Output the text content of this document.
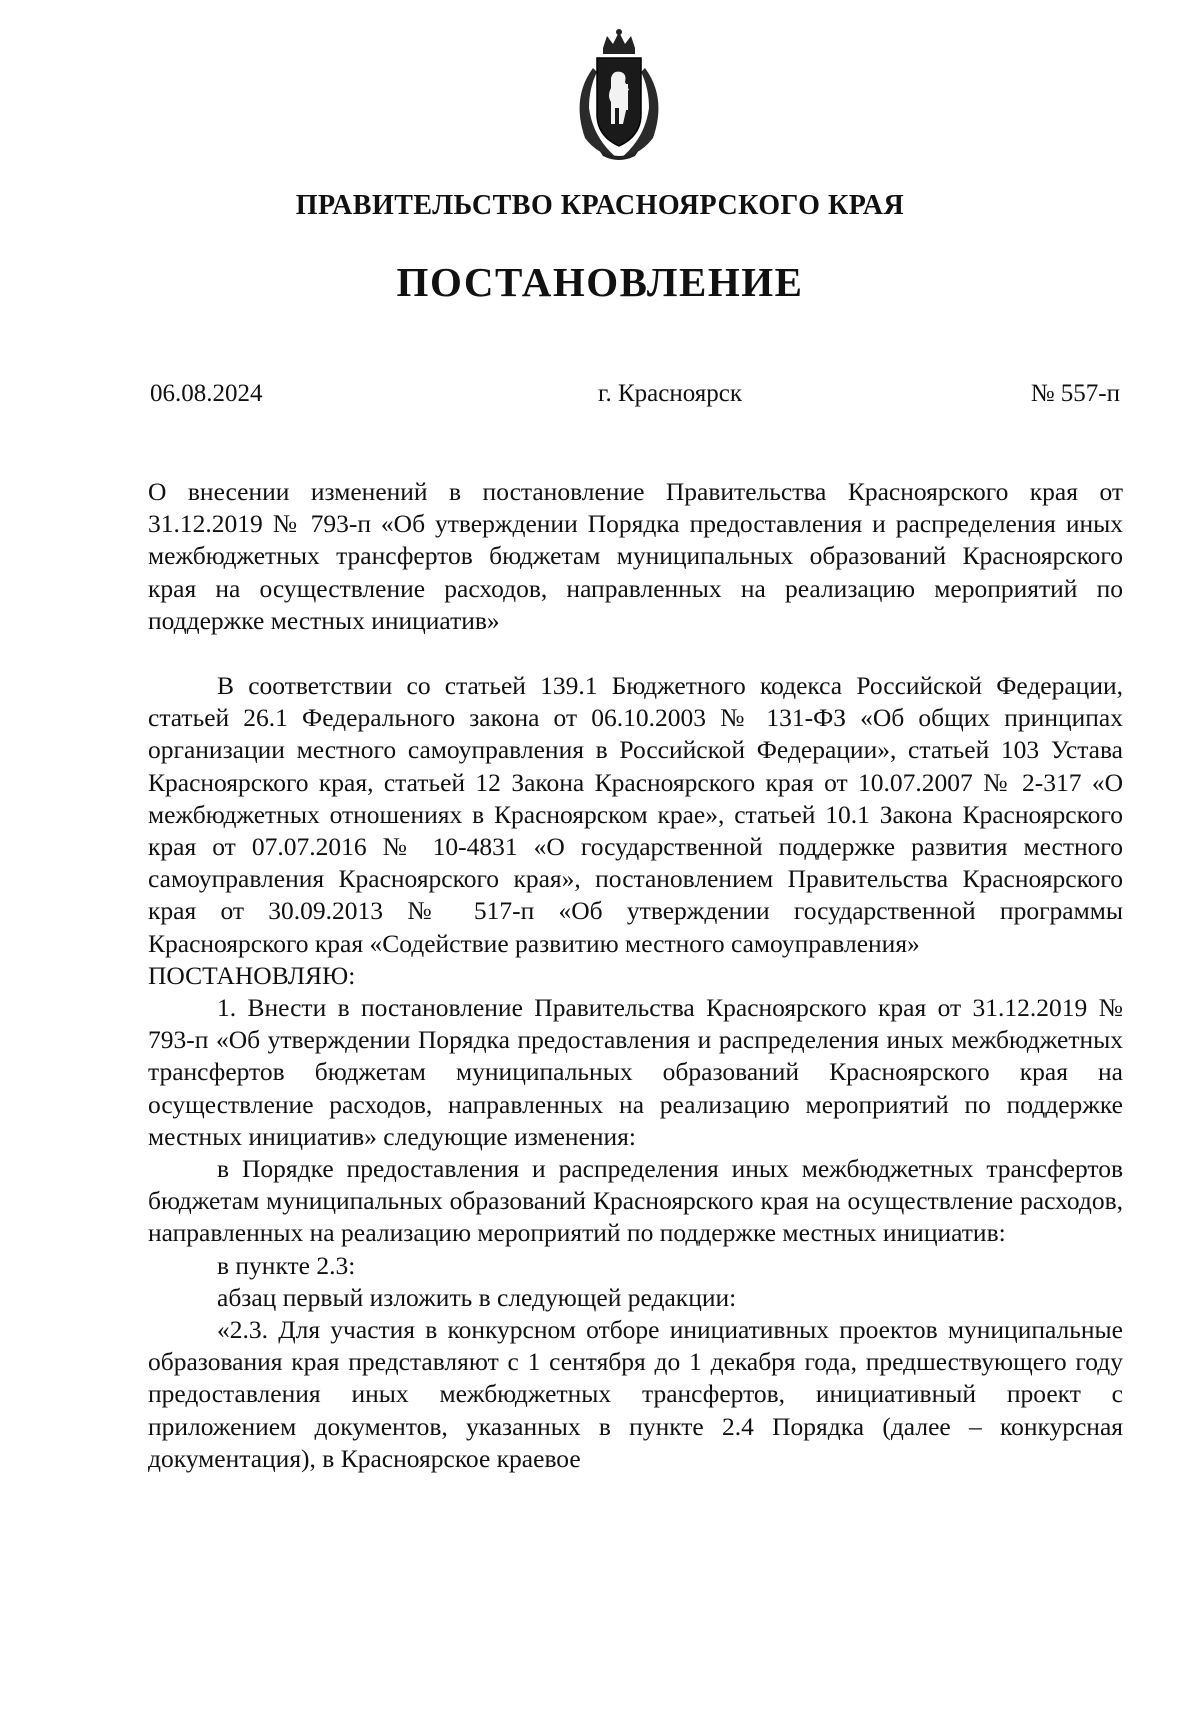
ПРАВИТЕЛЬСТВО КРАСНОЯРСКОГО КРАЯ
ПОСТАНОВЛЕНИЕ
06.08.2024	г. Красноярск	№ 557-п
О внесении изменений в постановление Правительства Красноярского края от 31.12.2019 № 793-п «Об утверждении Порядка предоставления и распределения иных межбюджетных трансфертов бюджетам муниципальных образований Красноярского края на осуществление расходов, направленных на реализацию мероприятий по поддержке местных инициатив»

В соответствии со статьей 139.1 Бюджетного кодекса Российской Федерации, статьей 26.1 Федерального закона от 06.10.2003 № 131-ФЗ «Об общих принципах организации местного самоуправления в Российской Федерации», статьей 103 Устава Красноярского края, статьей 12 Закона Красноярского края от 10.07.2007 № 2-317 «О межбюджетных отношениях в Красноярском крае», статьей 10.1 Закона Красноярского края от 07.07.2016 № 10-4831 «О государственной поддержке развития местного самоуправления Красноярского края», постановлением Правительства Красноярского края от 30.09.2013 № 517-п «Об утверждении государственной программы Красноярского края «Содействие развитию местного самоуправления»

ПОСТАНОВЛЯЮ:

1. Внести в постановление Правительства Красноярского края от 31.12.2019 № 793-п «Об утверждении Порядка предоставления и распределения иных межбюджетных трансфертов бюджетам муниципальных образований Красноярского края на осуществление расходов, направленных на реализацию мероприятий по поддержке местных инициатив» следующие изменения:

в Порядке предоставления и распределения иных межбюджетных трансфертов бюджетам муниципальных образований Красноярского края на осуществление расходов, направленных на реализацию мероприятий по поддержке местных инициатив:

в пункте 2.3:

абзац первый изложить в следующей редакции:

«2.3. Для участия в конкурсном отборе инициативных проектов муниципальные образования края представляют с 1 сентября до 1 декабря года, предшествующего году предоставления иных межбюджетных трансфертов, инициативный проект с приложением документов, указанных в пункте 2.4 Порядка (далее – конкурсная документация), в Красноярское краевое
